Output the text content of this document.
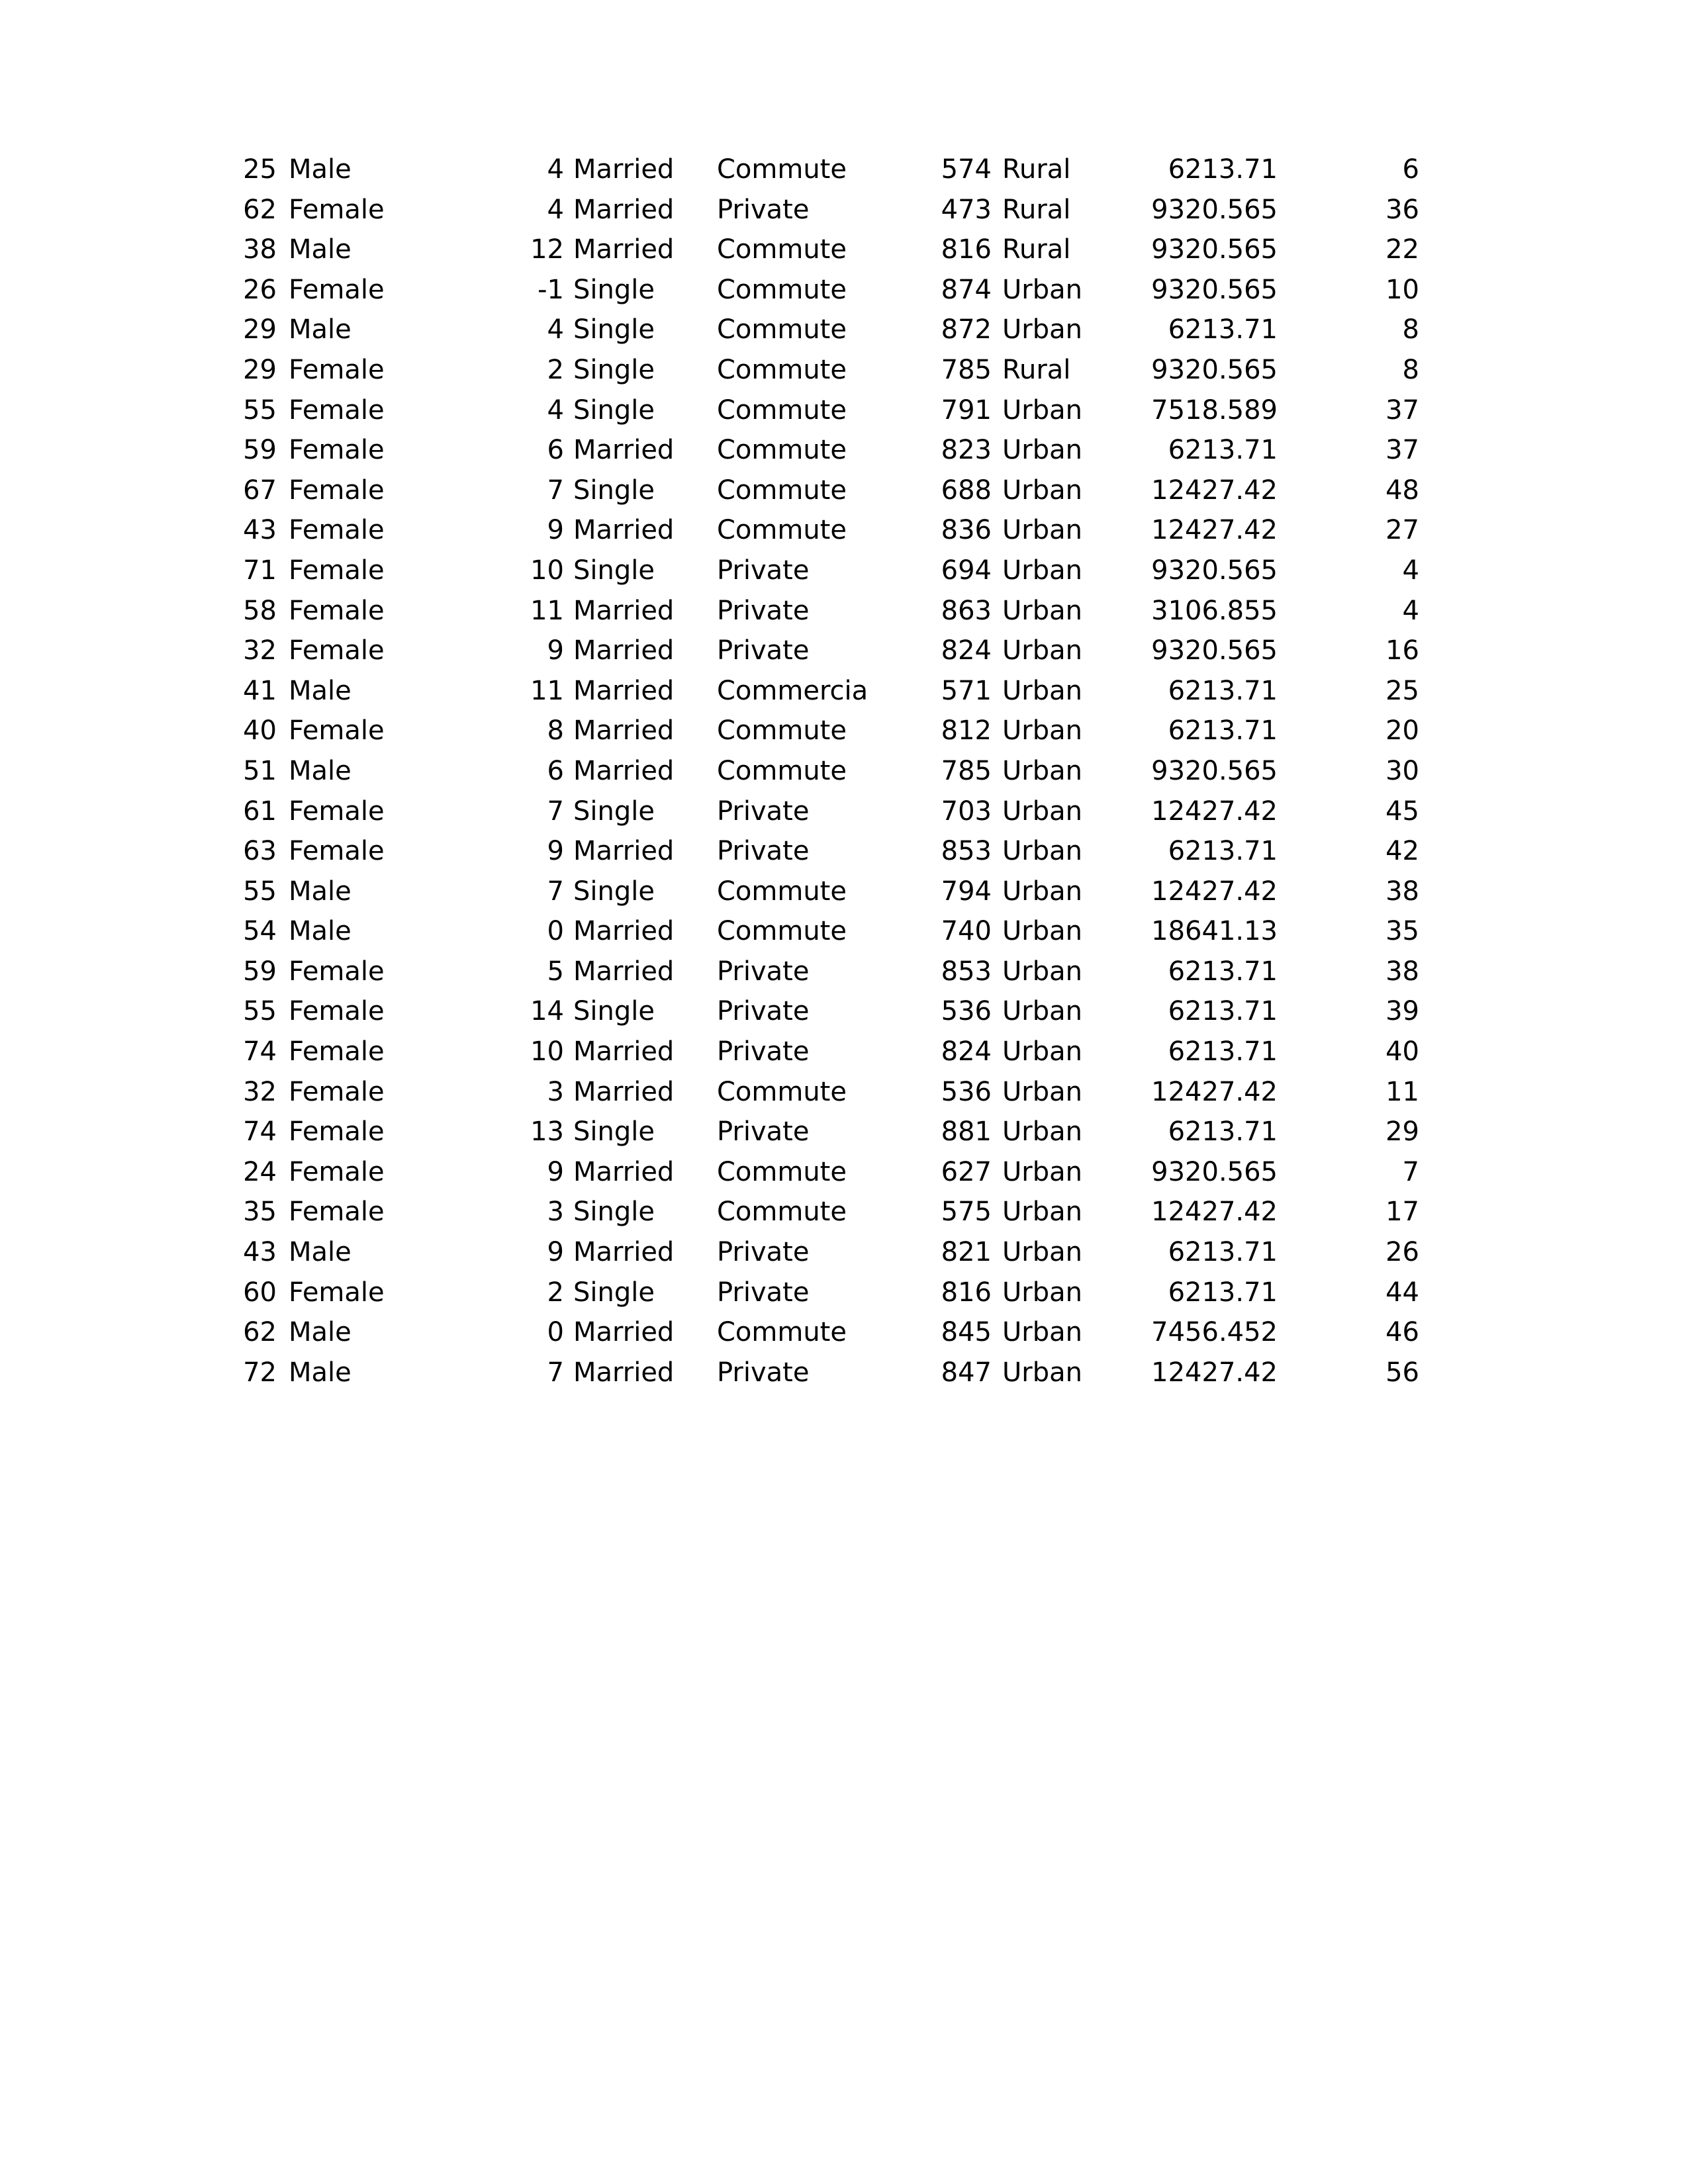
25 Male	4 Married	Commute	574 Rural	6213.71	6
62 Female	4 Married	Private	473 Rural	9320.565	36
38 Male	12 Married	Commute	816 Rural	9320.565	22
26 Female	-1 Single	Commute	874 Urban	9320.565	10
29 Male	4 Single	Commute	872 Urban	6213.71	8
29 Female	2 Single	Commute	785 Rural	9320.565	8
55 Female	4 Single	Commute	791 Urban	7518.589	37
59 Female	6 Married	Commute	823 Urban	6213.71	37
67 Female	7 Single	Commute	688 Urban	12427.42	48
43 Female	9 Married	Commute	836 Urban	12427.42	27
71 Female	10 Single	Private	694 Urban	9320.565	4
58 Female	11 Married	Private	863 Urban	3106.855	4
32 Female	9 Married	Private	824 Urban	9320.565	16
41 Male	11 Married	Commercia	571 Urban	6213.71	25
40 Female	8 Married	Commute	812 Urban	6213.71	20
51 Male	6 Married	Commute	785 Urban	9320.565	30
61 Female	7 Single	Private	703 Urban	12427.42	45
63 Female	9 Married	Private	853 Urban	6213.71	42
55 Male	7 Single	Commute	794 Urban	12427.42	38
54 Male	0 Married	Commute	740 Urban	18641.13	35
59 Female	5 Married	Private	853 Urban	6213.71	38
55 Female	14 Single	Private	536 Urban	6213.71	39
74 Female	10 Married	Private	824 Urban	6213.71	40
32 Female	3 Married	Commute	536 Urban	12427.42	11
74 Female	13 Single	Private	881 Urban	6213.71	29
24 Female	9 Married	Commute	627 Urban	9320.565	7
35 Female	3 Single	Commute	575 Urban	12427.42	17
43 Male	9 Married	Private	821 Urban	6213.71	26
60 Female	2 Single	Private	816 Urban	6213.71	44
62 Male	0 Married	Commute	845 Urban	7456.452	46
72 Male	7 Married	Private	847 Urban	12427.42	56
